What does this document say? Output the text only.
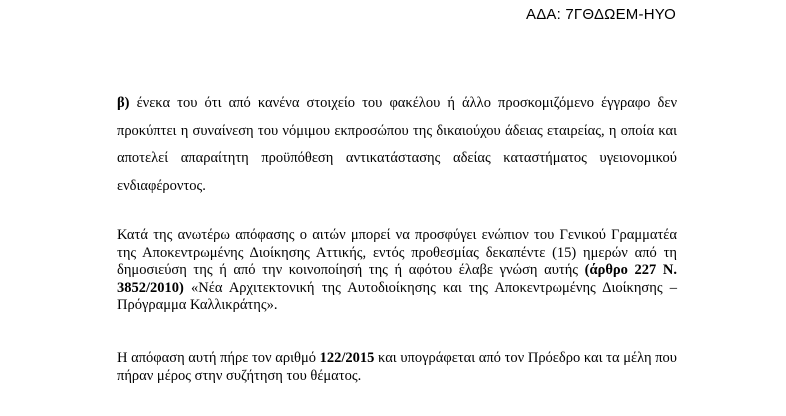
ΑΔΑ: 7ΓΘΔΩΕΜ-ΗΥΟ

β) ένεκα του ότι από κανένα στοιχείο του φακέλου ή άλλο προσκομιζόμενο έγγραφο δεν προκύπτει η συναίνεση του νόμιμου εκπροσώπου της δικαιούχου άδειας εταιρείας, η οποία και αποτελεί απαραίτητη προϋπόθεση αντικατάστασης αδείας καταστήματος υγειονομικού ενδιαφέροντος.

Κατά της ανωτέρω απόφασης ο αιτών μπορεί να προσφύγει ενώπιον του Γενικού Γραμματέα της Αποκεντρωμένης Διοίκησης Αττικής, εντός προθεσμίας δεκαπέντε (15) ημερών από τη δημοσιεύση της ή από την κοινοποίησή της ή αφότου έλαβε γνώση αυτής (άρθρο 227 Ν. 3852/2010) «Νέα Αρχιτεκτονική της Αυτοδιοίκησης και της Αποκεντρωμένης Διοίκησης – Πρόγραμμα Καλλικράτης».

Η απόφαση αυτή πήρε τον αριθμό 122/2015 και υπογράφεται από τον Πρόεδρο και τα μέλη που πήραν μέρος στην συζήτηση του θέματος.
